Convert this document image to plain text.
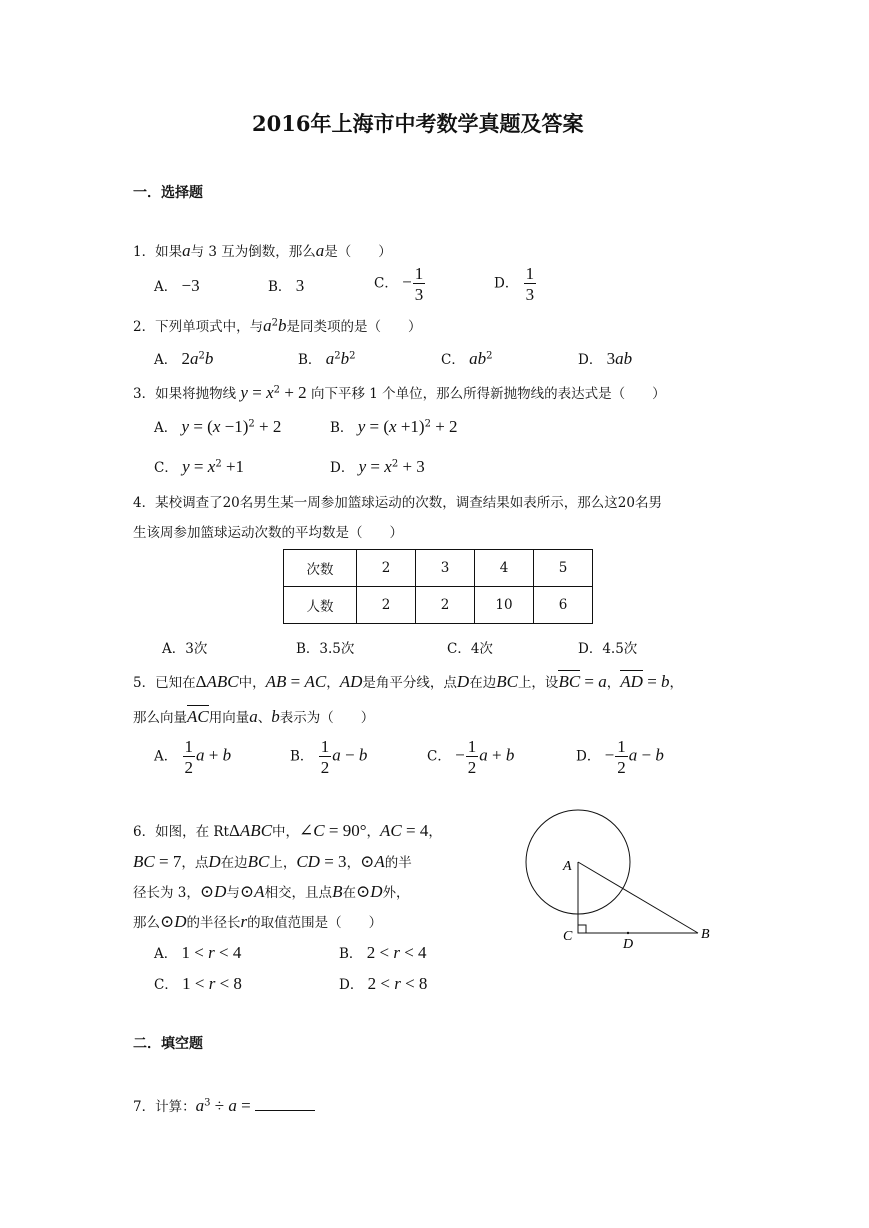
2016年上海市中考数学真题及答案
一．选择题
1．如果a与 3 互为倒数，那么a是（　　）
A． −3	B． 3	C． − $\frac{1}{3}$	D． $\frac{1}{3}$
2．下列单项式中，与$a^2b$是同类项的是（　　）
A． $2a^2b$	B． $a^2b^2$	C． $ab^2$	D． 3ab
3．如果将抛物线 $y = x^2 + 2$ 向下平移 1 个单位，那么所得新抛物线的表达式是（　　）
A． $y = (x -1)^2 + 2$	B． $y = (x +1)^2 + 2$
C． $y = x^2 +1$	D． $y = x^2 + 3$
4．某校调查了20名男生某一周参加篮球运动的次数，调查结果如表所示，那么这20名男
生该周参加篮球运动次数的平均数是（　　）
次数	2	3	4	5
人数	2	2	10	6
A．3次	B．3.5次	C．4次	D．4.5次
5．已知在ΔABC中，AB = AC，AD是角平分线，点D在边BC上，设BC = a，AD = b，
那么向量AC用向量a、b表示为（　　）
A． $\frac{1}{2}$ a + b	B． $\frac{1}{2}$ a − b	C． − $\frac{1}{2}$ a + b	D． − $\frac{1}{2}$ a − b
6．如图，在 RtΔABC中，∠C = 90°，AC = 4，
BC = 7，点D在边BC上，CD = 3，⊙A的半
径长为 3，⊙D与⊙A相交，且点B在⊙D外，
那么⊙D的半径长r的取值范围是（　　）
A． 1 < r < 4	B． 2 < r < 4
C． 1 < r < 8	D． 2 < r < 8
A
C
D
B
二．填空题
7．计算：$a^3 \div a$ =
